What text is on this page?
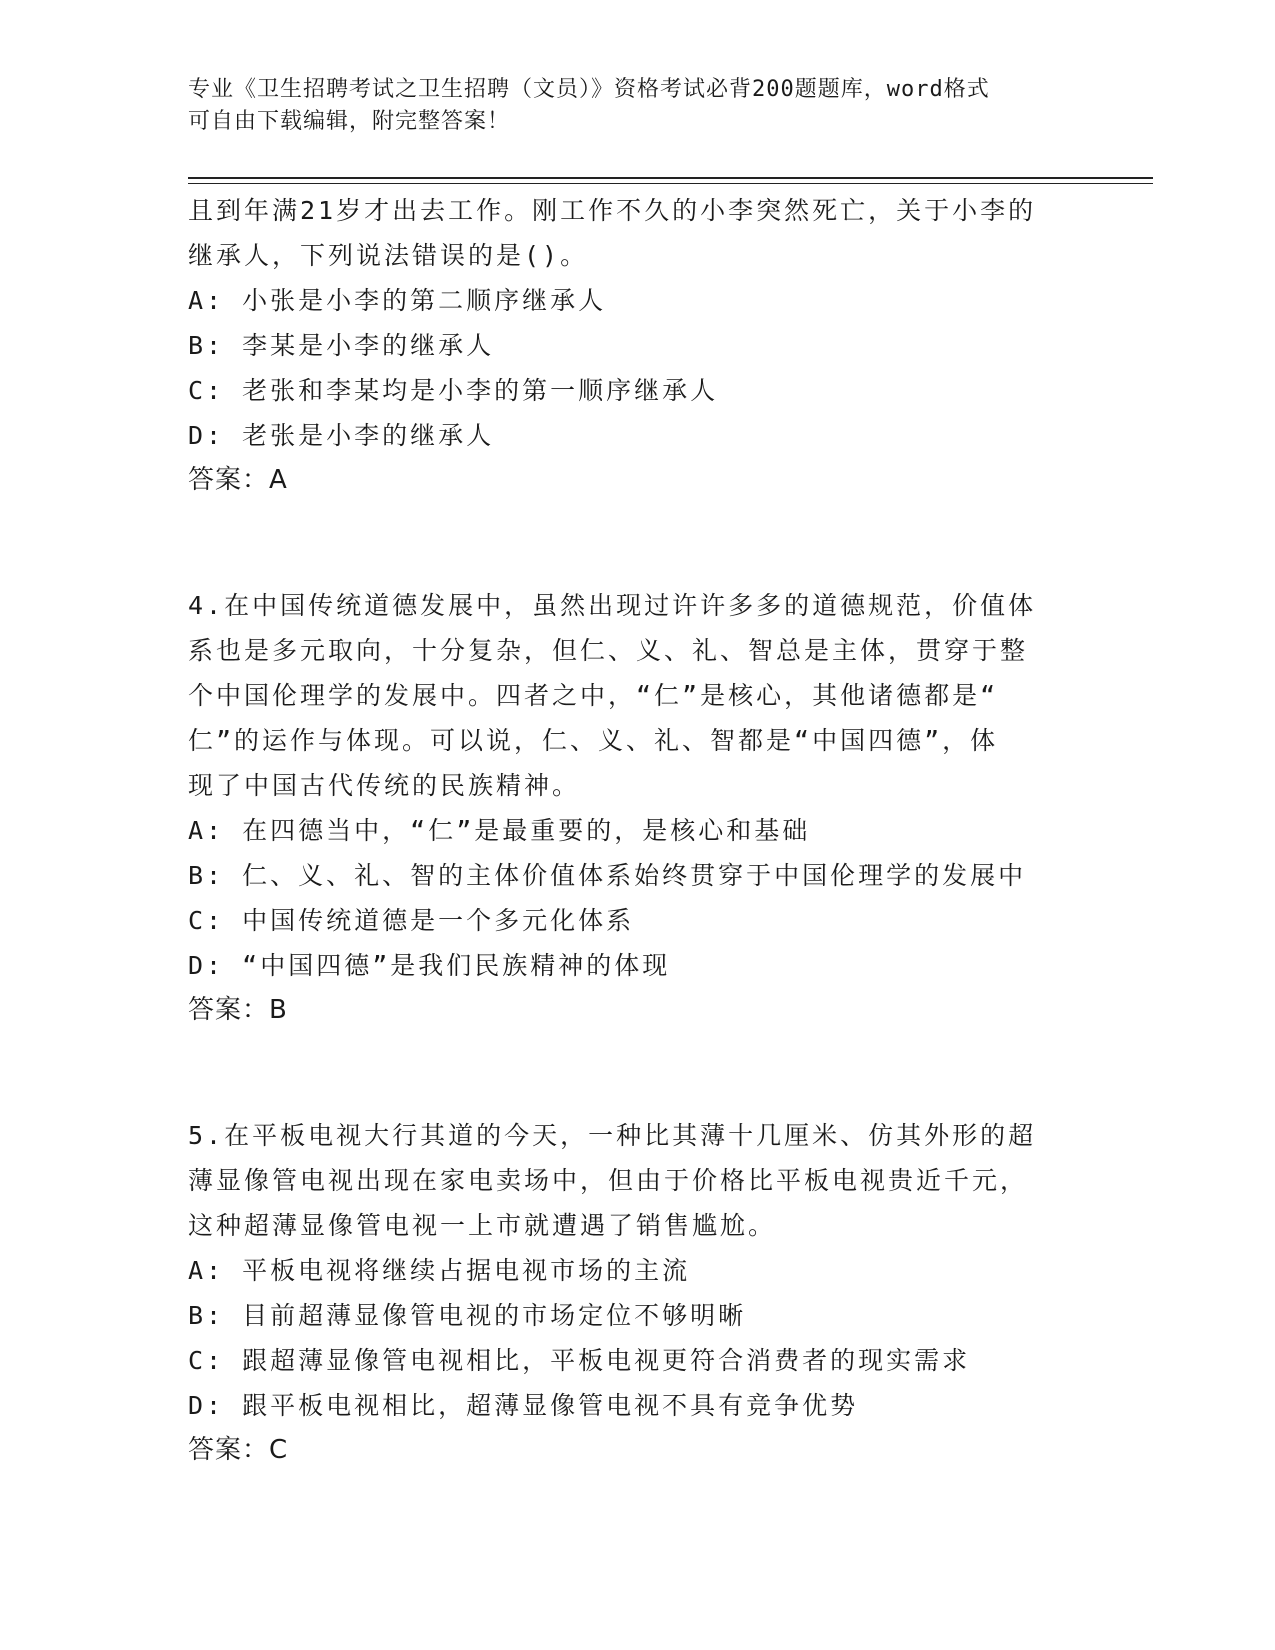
专业《卫生招聘考试之卫生招聘（文员）》资格考试必背200题题库，word格式
可自由下载编辑，附完整答案！
且到年满21岁才出去工作。刚工作不久的小李突然死亡，关于小李的
继承人，下列说法错误的是()。
A: 小张是小李的第二顺序继承人
B: 李某是小李的继承人
C: 老张和李某均是小李的第一顺序继承人
D: 老张是小李的继承人
答案：A
4.在中国传统道德发展中，虽然出现过许许多多的道德规范，价值体
系也是多元取向，十分复杂，但仁、义、礼、智总是主体，贯穿于整
个中国伦理学的发展中。四者之中，“仁”是核心，其他诸德都是“
仁”的运作与体现。可以说，仁、义、礼、智都是“中国四德”，体
现了中国古代传统的民族精神。
A: 在四德当中，“仁”是最重要的，是核心和基础
B: 仁、义、礼、智的主体价值体系始终贯穿于中国伦理学的发展中
C: 中国传统道德是一个多元化体系
D: “中国四德”是我们民族精神的体现
答案：B
5.在平板电视大行其道的今天，一种比其薄十几厘米、仿其外形的超
薄显像管电视出现在家电卖场中，但由于价格比平板电视贵近千元，
这种超薄显像管电视一上市就遭遇了销售尴尬。
A: 平板电视将继续占据电视市场的主流
B: 目前超薄显像管电视的市场定位不够明晰
C: 跟超薄显像管电视相比，平板电视更符合消费者的现实需求
D: 跟平板电视相比，超薄显像管电视不具有竞争优势
答案：C
